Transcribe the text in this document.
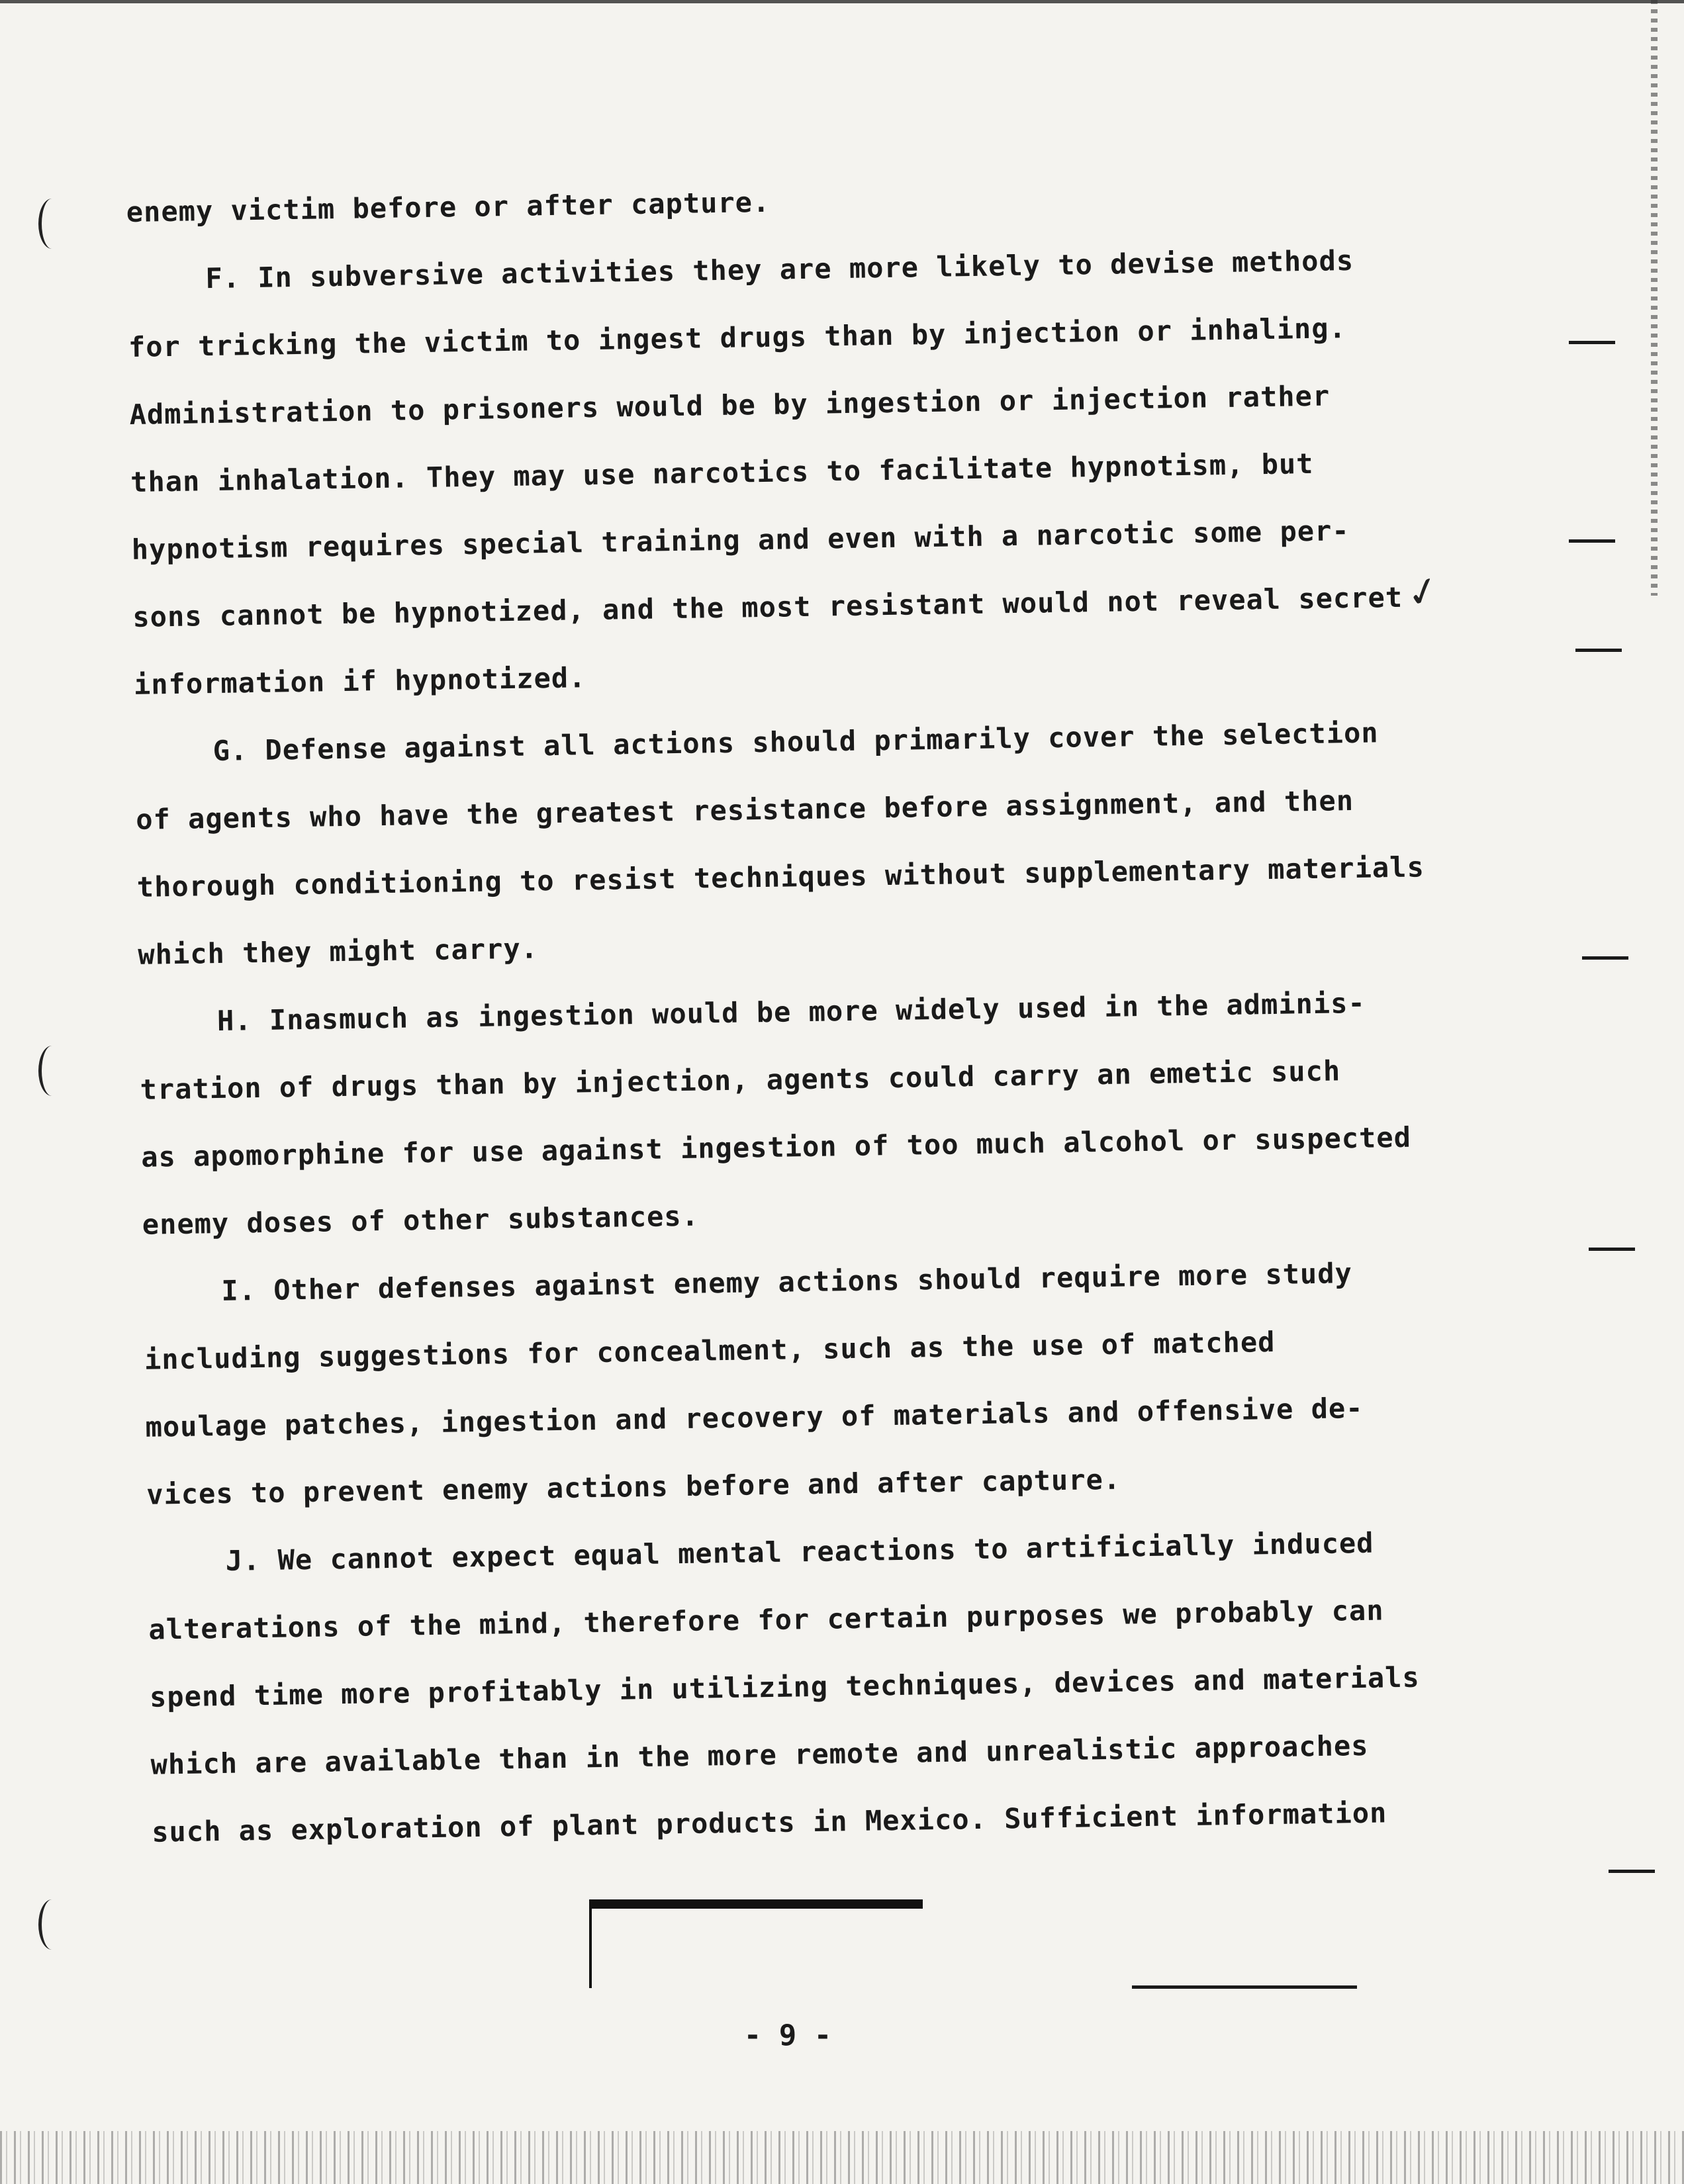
✓
enemy victim before or after capture.
F. In subversive activities they are more likely to devise methods
for tricking the victim to ingest drugs than by injection or inhaling.
Administration to prisoners would be by ingestion or injection rather
than inhalation. They may use narcotics to facilitate hypnotism, but
hypnotism requires special training and even with a narcotic some per-
sons cannot be hypnotized, and the most resistant would not reveal secret
information if hypnotized.
G. Defense against all actions should primarily cover the selection
of agents who have the greatest resistance before assignment, and then
thorough conditioning to resist techniques without supplementary materials
which they might carry.
H. Inasmuch as ingestion would be more widely used in the adminis-
tration of drugs than by injection, agents could carry an emetic such
as apomorphine for use against ingestion of too much alcohol or suspected
enemy doses of other substances.
I. Other defenses against enemy actions should require more study
including suggestions for concealment, such as the use of matched
moulage patches, ingestion and recovery of materials and offensive de-
vices to prevent enemy actions before and after capture.
J. We cannot expect equal mental reactions to artificially induced
alterations of the mind, therefore for certain purposes we probably can
spend time more profitably in utilizing techniques, devices and materials
which are available than in the more remote and unrealistic approaches
such as exploration of plant products in Mexico. Sufficient information
- 9 -
